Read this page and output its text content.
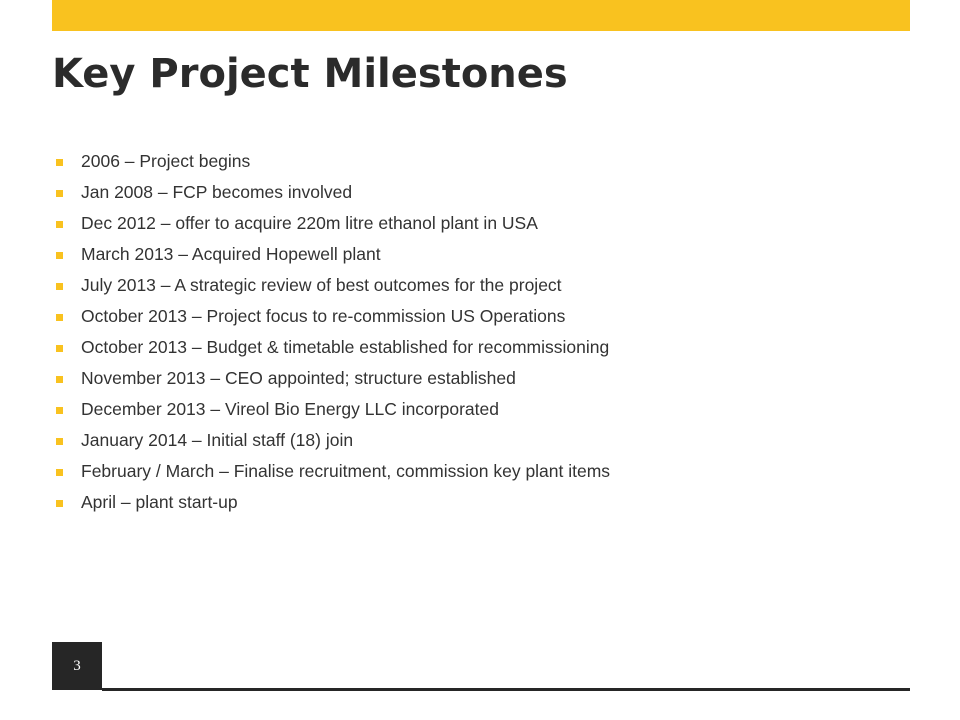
Key Project Milestones
2006 – Project begins
Jan 2008 – FCP becomes involved
Dec 2012 – offer to acquire 220m litre ethanol plant in USA
March 2013 – Acquired Hopewell plant
July 2013 – A strategic review of best outcomes for the project
October 2013 – Project focus to re-commission US Operations
October 2013 – Budget & timetable established for recommissioning
November 2013 – CEO appointed; structure established
December 2013 – Vireol Bio Energy LLC incorporated
January 2014 – Initial staff (18) join
February / March – Finalise recruitment, commission key plant items
April – plant start-up
3
